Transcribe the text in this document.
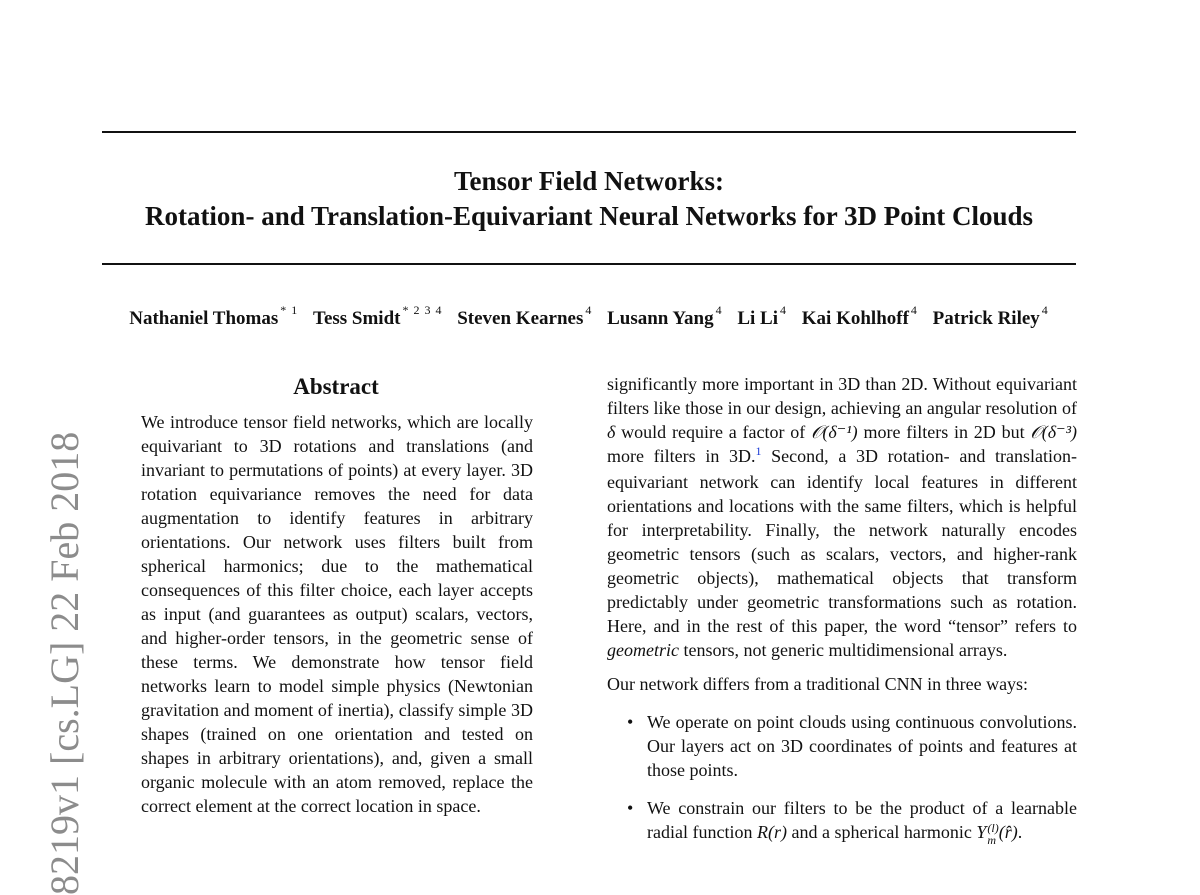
Tensor Field Networks:
Rotation- and Translation-Equivariant Neural Networks for 3D Point Clouds
Nathaniel Thomas $^{* 1}$ Tess Smidt $^{* 2 3 4}$ Steven Kearnes $^4$ Lusann Yang $^4$ Li Li $^4$ Kai Kohlhoff $^4$ Patrick Riley $^4$
8219v1 [cs.LG] 22 Feb 2018
Abstract
We introduce tensor field networks, which are locally equivariant to 3D rotations and translations (and invariant to permutations of points) at every layer. 3D rotation equivariance removes the need for data augmentation to identify features in arbitrary orientations. Our network uses filters built from spherical harmonics; due to the mathematical consequences of this filter choice, each layer accepts as input (and guarantees as output) scalars, vectors, and higher-order tensors, in the geometric sense of these terms. We demonstrate how tensor field networks learn to model simple physics (Newtonian gravitation and moment of inertia), classify simple 3D shapes (trained on one orientation and tested on shapes in arbitrary orientations), and, given a small organic molecule with an atom removed, replace the correct element at the correct location in space.

significantly more important in 3D than 2D. Without equivariant filters like those in our design, achieving an angular resolution of δ would require a factor of 𝒪(δ⁻¹) more filters in 2D but 𝒪(δ⁻³) more filters in 3D.$^1$ Second, a 3D rotation- and translation-equivariant network can identify local features in different orientations and locations with the same filters, which is helpful for interpretability. Finally, the network naturally encodes geometric tensors (such as scalars, vectors, and higher-rank geometric objects), mathematical objects that transform predictably under geometric transformations such as rotation. Here, and in the rest of this paper, the word “tensor” refers to geometric tensors, not generic multidimensional arrays.

Our network differs from a traditional CNN in three ways:

• We operate on point clouds using continuous convolutions. Our layers act on 3D coordinates of points and features at those points.
• We constrain our filters to be the product of a learnable radial function R(r) and a spherical harmonic Y (l)
m (r̂).
